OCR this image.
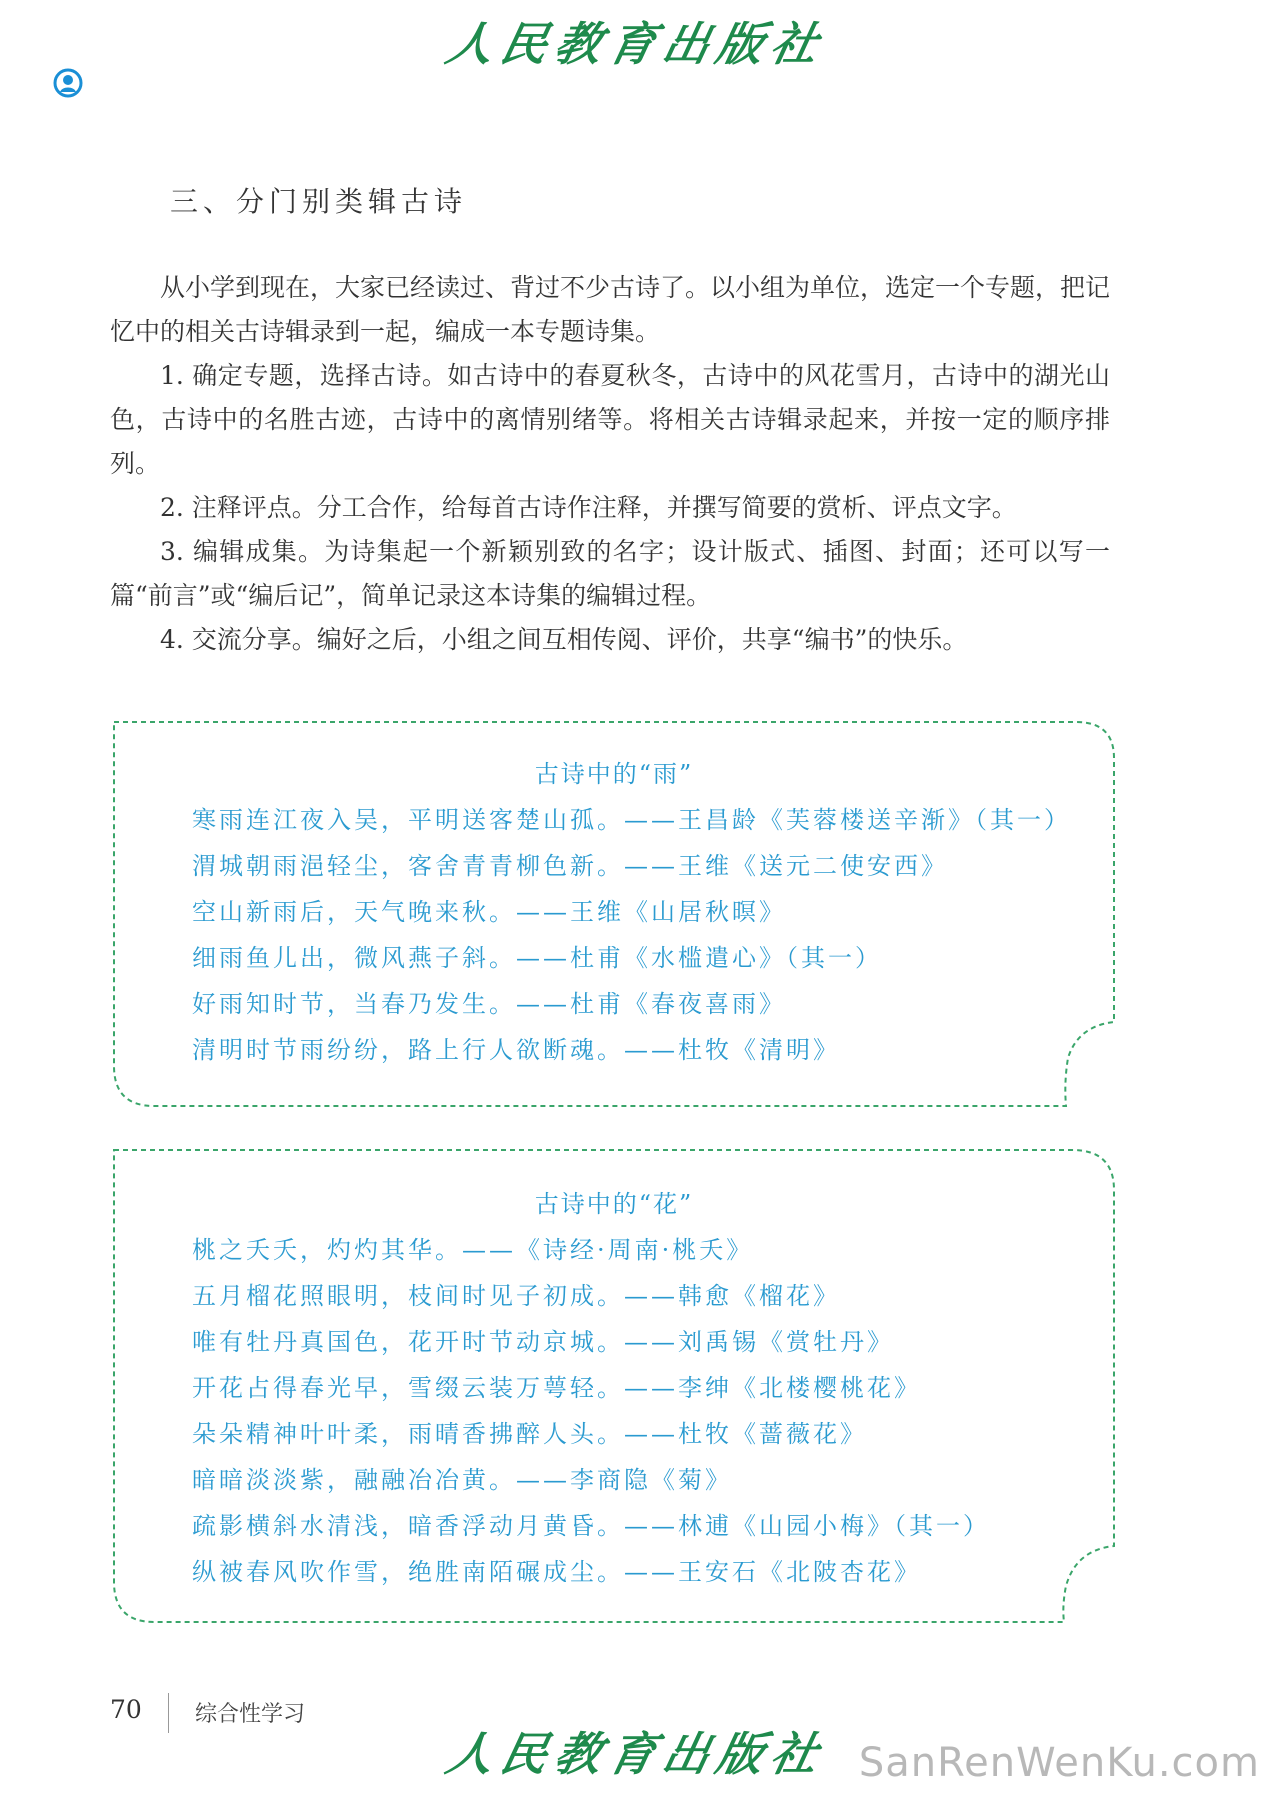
人民教育出版社
三、分门别类辑古诗

从小学到现在，大家已经读过、背过不少古诗了。以小组为单位，选定一个专题，把记忆中的相关古诗辑录到一起，编成一本专题诗集。

1. 确定专题，选择古诗。如古诗中的春夏秋冬，古诗中的风花雪月，古诗中的湖光山色，古诗中的名胜古迹，古诗中的离情别绪等。将相关古诗辑录起来，并按一定的顺序排列。

2. 注释评点。分工合作，给每首古诗作注释，并撰写简要的赏析、评点文字。

3. 编辑成集。为诗集起一个新颖别致的名字；设计版式、插图、封面；还可以写一篇“前言”或“编后记”，简单记录这本诗集的编辑过程。

4. 交流分享。编好之后，小组之间互相传阅、评价，共享“编书”的快乐。

古诗中的“雨”
寒雨连江夜入吴，平明送客楚山孤。——王昌龄《芙蓉楼送辛渐》（其一）
渭城朝雨浥轻尘，客舍青青柳色新。——王维《送元二使安西》
空山新雨后，天气晚来秋。——王维《山居秋暝》
细雨鱼儿出，微风燕子斜。——杜甫《水槛遣心》（其一）
好雨知时节，当春乃发生。——杜甫《春夜喜雨》
清明时节雨纷纷，路上行人欲断魂。——杜牧《清明》
古诗中的“花”
桃之夭夭，灼灼其华。——《诗经·周南·桃夭》
五月榴花照眼明，枝间时见子初成。——韩愈《榴花》
唯有牡丹真国色，花开时节动京城。——刘禹锡《赏牡丹》
开花占得春光早，雪缀云装万萼轻。——李绅《北楼樱桃花》
朵朵精神叶叶柔，雨晴香拂醉人头。——杜牧《蔷薇花》
暗暗淡淡紫，融融冶冶黄。——李商隐《菊》
疏影横斜水清浅，暗香浮动月黄昏。——林逋《山园小梅》（其一）
纵被春风吹作雪，绝胜南陌碾成尘。——王安石《北陂杏花》
70 综合性学习
人民教育出版社 SanRenWenKu.com
